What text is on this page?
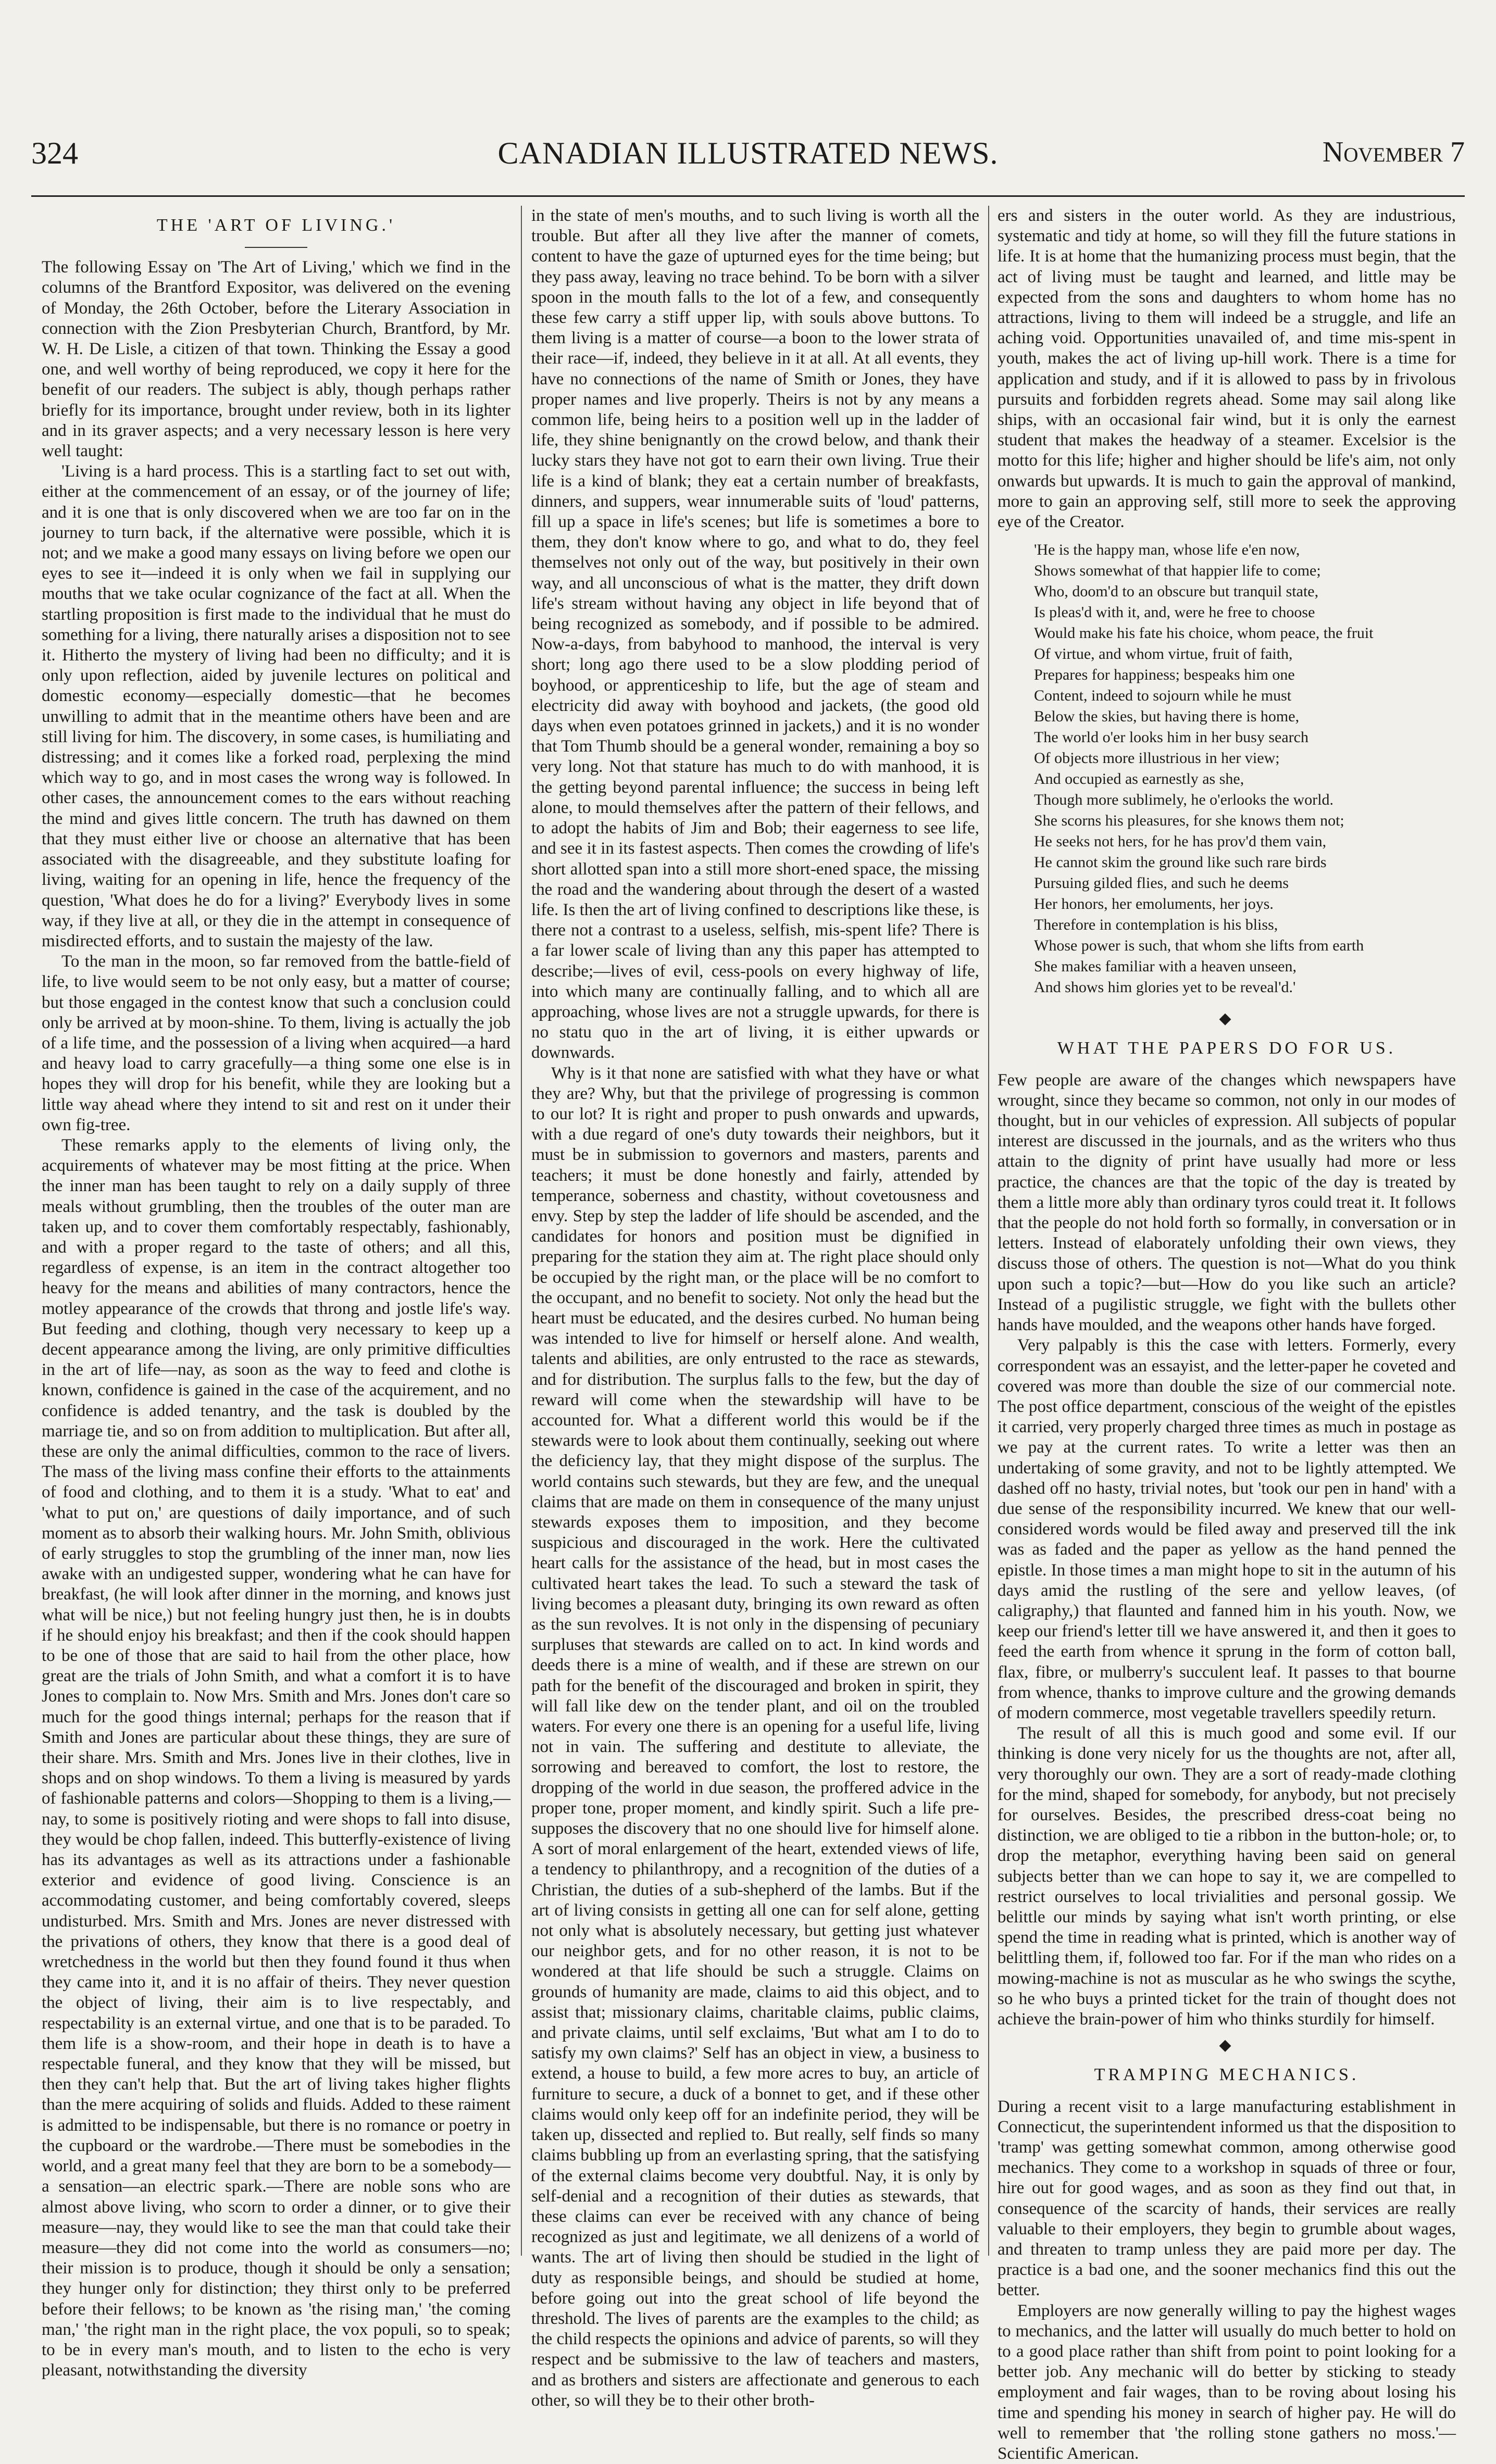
324	CANADIAN ILLUSTRATED NEWS.	November 7
THE 'ART OF LIVING.'

The following Essay on 'The Art of Living,' which we find in the columns of the Brantford Expositor, was delivered on the evening of Monday, the 26th October, before the Literary Association in connection with the Zion Presbyterian Church, Brantford, by Mr. W. H. De Lisle, a citizen of that town. Thinking the Essay a good one, and well worthy of being reproduced, we copy it here for the benefit of our readers. The subject is ably, though perhaps rather briefly for its importance, brought under review, both in its lighter and in its graver aspects; and a very necessary lesson is here very well taught:

'Living is a hard process. This is a startling fact to set out with, either at the commencement of an essay, or of the journey of life; and it is one that is only discovered when we are too far on in the journey to turn back, if the alternative were possible, which it is not; and we make a good many essays on living before we open our eyes to see it—indeed it is only when we fail in supplying our mouths that we take ocular cognizance of the fact at all. When the startling proposition is first made to the individual that he must do something for a living, there naturally arises a disposition not to see it. Hitherto the mystery of living had been no difficulty; and it is only upon reflection, aided by juvenile lectures on political and domestic economy—especially domestic—that he becomes unwilling to admit that in the meantime others have been and are still living for him. The discovery, in some cases, is humiliating and distressing; and it comes like a forked road, perplexing the mind which way to go, and in most cases the wrong way is followed. In other cases, the announcement comes to the ears without reaching the mind and gives little concern. The truth has dawned on them that they must either live or choose an alternative that has been associated with the disagreeable, and they substitute loafing for living, waiting for an opening in life, hence the frequency of the question, 'What does he do for a living?' Everybody lives in some way, if they live at all, or they die in the attempt in consequence of misdirected efforts, and to sustain the majesty of the law.

To the man in the moon, so far removed from the battle-field of life, to live would seem to be not only easy, but a matter of course; but those engaged in the contest know that such a conclusion could only be arrived at by moon-shine. To them, living is actually the job of a life time, and the possession of a living when acquired—a hard and heavy load to carry gracefully—a thing some one else is in hopes they will drop for his benefit, while they are looking but a little way ahead where they intend to sit and rest on it under their own fig-tree.

These remarks apply to the elements of living only, the acquirements of whatever may be most fitting at the price. When the inner man has been taught to rely on a daily supply of three meals without grumbling, then the troubles of the outer man are taken up, and to cover them comfortably respectably, fashionably, and with a proper regard to the taste of others; and all this, regardless of expense, is an item in the contract altogether too heavy for the means and abilities of many contractors, hence the motley appearance of the crowds that throng and jostle life's way. But feeding and clothing, though very necessary to keep up a decent appearance among the living, are only primitive difficulties in the art of life—nay, as soon as the way to feed and clothe is known, confidence is gained in the case of the acquirement, and no confidence is added tenantry, and the task is doubled by the marriage tie, and so on from addition to multiplication. But after all, these are only the animal difficulties, common to the race of livers. The mass of the living mass confine their efforts to the attainments of food and clothing, and to them it is a study. 'What to eat' and 'what to put on,' are questions of daily importance, and of such moment as to absorb their walking hours. Mr. John Smith, oblivious of early struggles to stop the grumbling of the inner man, now lies awake with an undigested supper, wondering what he can have for breakfast, (he will look after dinner in the morning, and knows just what will be nice,) but not feeling hungry just then, he is in doubts if he should enjoy his breakfast; and then if the cook should happen to be one of those that are said to hail from the other place, how great are the trials of John Smith, and what a comfort it is to have Jones to complain to. Now Mrs. Smith and Mrs. Jones don't care so much for the good things internal; perhaps for the reason that if Smith and Jones are particular about these things, they are sure of their share. Mrs. Smith and Mrs. Jones live in their clothes, live in shops and on shop windows. To them a living is measured by yards of fashionable patterns and colors—Shopping to them is a living,—nay, to some is positively rioting and were shops to fall into disuse, they would be chop fallen, indeed. This butterfly-existence of living has its advantages as well as its attractions under a fashionable exterior and evidence of good living. Conscience is an accommodating customer, and being comfortably covered, sleeps undisturbed. Mrs. Smith and Mrs. Jones are never distressed with the privations of others, they know that there is a good deal of wretchedness in the world but then they found found it thus when they came into it, and it is no affair of theirs. They never question the object of living, their aim is to live respectably, and respectability is an external virtue, and one that is to be paraded. To them life is a show-room, and their hope in death is to have a respectable funeral, and they know that they will be missed, but then they can't help that. But the art of living takes higher flights than the mere acquiring of solids and fluids. Added to these raiment is admitted to be indispensable, but there is no romance or poetry in the cupboard or the wardrobe.—There must be somebodies in the world, and a great many feel that they are born to be a somebody—a sensation—an electric spark.—There are noble sons who are almost above living, who scorn to order a dinner, or to give their measure—nay, they would like to see the man that could take their measure—they did not come into the world as consumers—no; their mission is to produce, though it should be only a sensation; they hunger only for distinction; they thirst only to be preferred before their fellows; to be known as 'the rising man,' 'the coming man,' 'the right man in the right place, the vox populi, so to speak; to be in every man's mouth, and to listen to the echo is very pleasant, notwithstanding the diversity

in the state of men's mouths, and to such living is worth all the trouble. But after all they live after the manner of comets, content to have the gaze of upturned eyes for the time being; but they pass away, leaving no trace behind. To be born with a silver spoon in the mouth falls to the lot of a few, and consequently these few carry a stiff upper lip, with souls above buttons. To them living is a matter of course—a boon to the lower strata of their race—if, indeed, they believe in it at all. At all events, they have no connections of the name of Smith or Jones, they have proper names and live properly. Theirs is not by any means a common life, being heirs to a position well up in the ladder of life, they shine benignantly on the crowd below, and thank their lucky stars they have not got to earn their own living. True their life is a kind of blank; they eat a certain number of breakfasts, dinners, and suppers, wear innumerable suits of 'loud' patterns, fill up a space in life's scenes; but life is sometimes a bore to them, they don't know where to go, and what to do, they feel themselves not only out of the way, but positively in their own way, and all unconscious of what is the matter, they drift down life's stream without having any object in life beyond that of being recognized as somebody, and if possible to be admired. Now-a-days, from babyhood to manhood, the interval is very short; long ago there used to be a slow plodding period of boyhood, or apprenticeship to life, but the age of steam and electricity did away with boyhood and jackets, (the good old days when even potatoes grinned in jackets,) and it is no wonder that Tom Thumb should be a general wonder, remaining a boy so very long. Not that stature has much to do with manhood, it is the getting beyond parental influence; the success in being left alone, to mould themselves after the pattern of their fellows, and to adopt the habits of Jim and Bob; their eagerness to see life, and see it in its fastest aspects. Then comes the crowding of life's short allotted span into a still more short-ened space, the missing the road and the wandering about through the desert of a wasted life. Is then the art of living confined to descriptions like these, is there not a contrast to a useless, selfish, mis-spent life? There is a far lower scale of living than any this paper has attempted to describe;—lives of evil, cess-pools on every highway of life, into which many are continually falling, and to which all are approaching, whose lives are not a struggle upwards, for there is no statu quo in the art of living, it is either upwards or downwards.

Why is it that none are satisfied with what they have or what they are? Why, but that the privilege of progressing is common to our lot? It is right and proper to push onwards and upwards, with a due regard of one's duty towards their neighbors, but it must be in submission to governors and masters, parents and teachers; it must be done honestly and fairly, attended by temperance, soberness and chastity, without covetousness and envy. Step by step the ladder of life should be ascended, and the candidates for honors and position must be dignified in preparing for the station they aim at. The right place should only be occupied by the right man, or the place will be no comfort to the occupant, and no benefit to society. Not only the head but the heart must be educated, and the desires curbed. No human being was intended to live for himself or herself alone. And wealth, talents and abilities, are only entrusted to the race as stewards, and for distribution. The surplus falls to the few, but the day of reward will come when the stewardship will have to be accounted for. What a different world this would be if the stewards were to look about them continually, seeking out where the deficiency lay, that they might dispose of the surplus. The world contains such stewards, but they are few, and the unequal claims that are made on them in consequence of the many unjust stewards exposes them to imposition, and they become suspicious and discouraged in the work. Here the cultivated heart calls for the assistance of the head, but in most cases the cultivated heart takes the lead. To such a steward the task of living becomes a pleasant duty, bringing its own reward as often as the sun revolves. It is not only in the dispensing of pecuniary surpluses that stewards are called on to act. In kind words and deeds there is a mine of wealth, and if these are strewn on our path for the benefit of the discouraged and broken in spirit, they will fall like dew on the tender plant, and oil on the troubled waters. For every one there is an opening for a useful life, living not in vain. The suffering and destitute to alleviate, the sorrowing and bereaved to comfort, the lost to restore, the dropping of the world in due season, the proffered advice in the proper tone, proper moment, and kindly spirit. Such a life pre-supposes the discovery that no one should live for himself alone. A sort of moral enlargement of the heart, extended views of life, a tendency to philanthropy, and a recognition of the duties of a Christian, the duties of a sub-shepherd of the lambs. But if the art of living consists in getting all one can for self alone, getting not only what is absolutely necessary, but getting just whatever our neighbor gets, and for no other reason, it is not to be wondered at that life should be such a struggle. Claims on grounds of humanity are made, claims to aid this object, and to assist that; missionary claims, charitable claims, public claims, and private claims, until self exclaims, 'But what am I to do to satisfy my own claims?' Self has an object in view, a business to extend, a house to build, a few more acres to buy, an article of furniture to secure, a duck of a bonnet to get, and if these other claims would only keep off for an indefinite period, they will be taken up, dissected and replied to. But really, self finds so many claims bubbling up from an everlasting spring, that the satisfying of the external claims become very doubtful. Nay, it is only by self-denial and a recognition of their duties as stewards, that these claims can ever be received with any chance of being recognized as just and legitimate, we all denizens of a world of wants. The art of living then should be studied in the light of duty as responsible beings, and should be studied at home, before going out into the great school of life beyond the threshold. The lives of parents are the examples to the child; as the child respects the opinions and advice of parents, so will they respect and be submissive to the law of teachers and masters, and as brothers and sisters are affectionate and generous to each other, so will they be to their other broth-

ers and sisters in the outer world. As they are industrious, systematic and tidy at home, so will they fill the future stations in life. It is at home that the humanizing process must begin, that the act of living must be taught and learned, and little may be expected from the sons and daughters to whom home has no attractions, living to them will indeed be a struggle, and life an aching void. Opportunities unavailed of, and time mis-spent in youth, makes the act of living up-hill work. There is a time for application and study, and if it is allowed to pass by in frivolous pursuits and forbidden regrets ahead. Some may sail along like ships, with an occasional fair wind, but it is only the earnest student that makes the headway of a steamer. Excelsior is the motto for this life; higher and higher should be life's aim, not only onwards but upwards. It is much to gain the approval of mankind, more to gain an approving self, still more to seek the approving eye of the Creator.

'He is the happy man, whose life e'en now,
Shows somewhat of that happier life to come;
Who, doom'd to an obscure but tranquil state,
Is pleas'd with it, and, were he free to choose
Would make his fate his choice, whom peace, the fruit
Of virtue, and whom virtue, fruit of faith,
Prepares for happiness; bespeaks him one
Content, indeed to sojourn while he must
Below the skies, but having there is home,
The world o'er looks him in her busy search
Of objects more illustrious in her view;
And occupied as earnestly as she,
Though more sublimely, he o'erlooks the world.
She scorns his pleasures, for she knows them not;
He seeks not hers, for he has prov'd them vain,
He cannot skim the ground like such rare birds
Pursuing gilded flies, and such he deems
Her honors, her emoluments, her joys.
Therefore in contemplation is his bliss,
Whose power is such, that whom she lifts from earth
She makes familiar with a heaven unseen,
And shows him glories yet to be reveal'd.'
◆
WHAT THE PAPERS DO FOR US.

Few people are aware of the changes which newspapers have wrought, since they became so common, not only in our modes of thought, but in our vehicles of expression. All subjects of popular interest are discussed in the journals, and as the writers who thus attain to the dignity of print have usually had more or less practice, the chances are that the topic of the day is treated by them a little more ably than ordinary tyros could treat it. It follows that the people do not hold forth so formally, in conversation or in letters. Instead of elaborately unfolding their own views, they discuss those of others. The question is not—What do you think upon such a topic?—but—How do you like such an article? Instead of a pugilistic struggle, we fight with the bullets other hands have moulded, and the weapons other hands have forged.

Very palpably is this the case with letters. Formerly, every correspondent was an essayist, and the letter-paper he coveted and covered was more than double the size of our commercial note. The post office department, conscious of the weight of the epistles it carried, very properly charged three times as much in postage as we pay at the current rates. To write a letter was then an undertaking of some gravity, and not to be lightly attempted. We dashed off no hasty, trivial notes, but 'took our pen in hand' with a due sense of the responsibility incurred. We knew that our well-considered words would be filed away and preserved till the ink was as faded and the paper as yellow as the hand penned the epistle. In those times a man might hope to sit in the autumn of his days amid the rustling of the sere and yellow leaves, (of caligraphy,) that flaunted and fanned him in his youth. Now, we keep our friend's letter till we have answered it, and then it goes to feed the earth from whence it sprung in the form of cotton ball, flax, fibre, or mulberry's succulent leaf. It passes to that bourne from whence, thanks to improve culture and the growing demands of modern commerce, most vegetable travellers speedily return.

The result of all this is much good and some evil. If our thinking is done very nicely for us the thoughts are not, after all, very thoroughly our own. They are a sort of ready-made clothing for the mind, shaped for somebody, for anybody, but not precisely for ourselves. Besides, the prescribed dress-coat being no distinction, we are obliged to tie a ribbon in the button-hole; or, to drop the metaphor, everything having been said on general subjects better than we can hope to say it, we are compelled to restrict ourselves to local trivialities and personal gossip. We belittle our minds by saying what isn't worth printing, or else spend the time in reading what is printed, which is another way of belittling them, if, followed too far. For if the man who rides on a mowing-machine is not as muscular as he who swings the scythe, so he who buys a printed ticket for the train of thought does not achieve the brain-power of him who thinks sturdily for himself.

◆
TRAMPING MECHANICS.

During a recent visit to a large manufacturing establishment in Connecticut, the superintendent informed us that the disposition to 'tramp' was getting somewhat common, among otherwise good mechanics. They come to a workshop in squads of three or four, hire out for good wages, and as soon as they find out that, in consequence of the scarcity of hands, their services are really valuable to their employers, they begin to grumble about wages, and threaten to tramp unless they are paid more per day. The practice is a bad one, and the sooner mechanics find this out the better.

Employers are now generally willing to pay the highest wages to mechanics, and the latter will usually do much better to hold on to a good place rather than shift from point to point looking for a better job. Any mechanic will do better by sticking to steady employment and fair wages, than to be roving about losing his time and spending his money in search of higher pay. He will do well to remember that 'the rolling stone gathers no moss.'—Scientific American.
